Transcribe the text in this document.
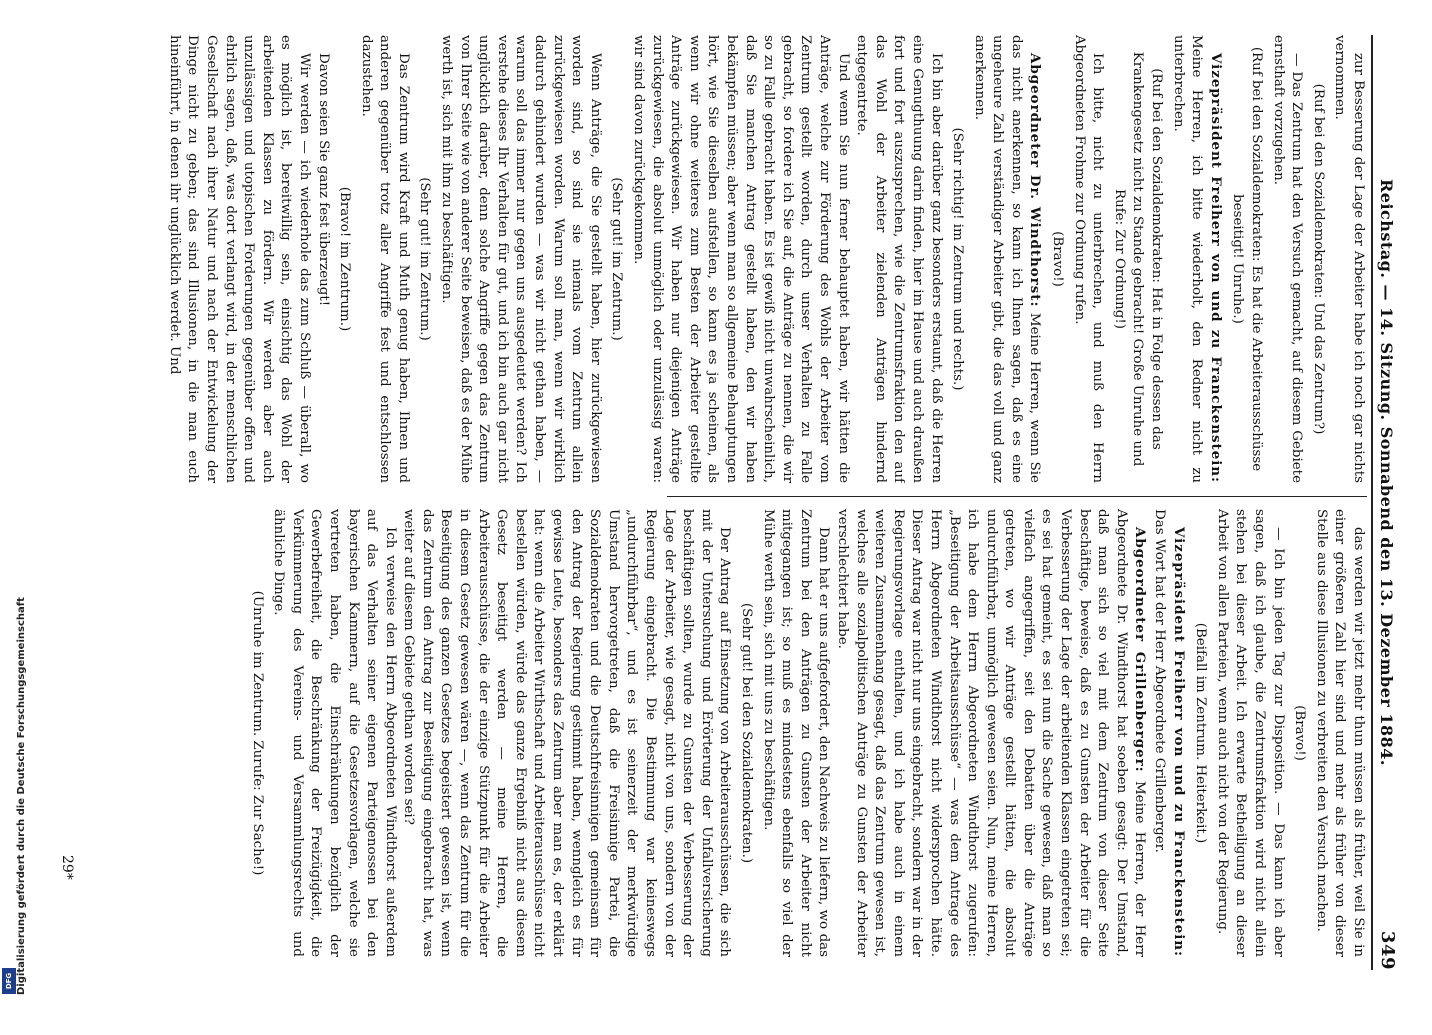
Reichstag. — 14. Sitzung. Sonnabend den 13. Dezember 1884.
349

zur Besserung der Lage der Arbeiter habe ich noch gar nichts vernommen.

(Ruf bei den Sozialdemokraten: Und das Zentrum?)

— Das Zentrum hat den Versuch gemacht, auf diesem Gebiete ernsthaft vorzugehen.

(Ruf bei den Sozialdemokraten: Es hat die Arbeiterausschüsse beseitigt! Unruhe.)

Vizepräsident Freiherr von und zu Franckenstein: Meine Herren, ich bitte wiederholt, den Redner nicht zu unterbrechen.

(Ruf bei den Sozialdemokraten: Hat in Folge dessen das Krankengesetz nicht zu Stande gebracht! Große Unruhe und Rufe: Zur Ordnung!)

Ich bitte, nicht zu unterbrechen, und muß den Herrn Abgeordneten Frohme zur Ordnung rufen.

(Bravo!)

Abgeordneter Dr. Windthorst: Meine Herren, wenn Sie das nicht anerkennen, so kann ich Ihnen sagen, daß es eine ungeheure Zahl verständiger Arbeiter gibt, die das voll und ganz anerkennen.

(Sehr richtig! im Zentrum und rechts.)

Ich bin aber darüber ganz besonders erstaunt, daß die Herren eine Genugthuung darin finden, hier im Hause und auch draußen fort und fort auszusprechen, wie die Zentrumsfraktion den auf das Wohl der Arbeiter zielenden Anträgen hindernd entgegentrete.

Und wenn Sie nun ferner behauptet haben, wir hätten die Anträge, welche zur Förderung des Wohls der Arbeiter vom Zentrum gestellt worden, durch unser Verhalten zu Falle gebracht, so fordere ich Sie auf, die Anträge zu nennen, die wir so zu Falle gebracht haben. Es ist gewiß nicht unwahrscheinlich, daß Sie manchen Antrag gestellt haben, den wir haben bekämpfen müssen; aber wenn man so allgemeine Behauptungen hört, wie Sie dieselben aufstellen, so kann es ja scheinen, als wenn wir ohne weiteres zum Besten der Arbeiter gestellte Anträge zurückgewiesen. Wir haben nur diejenigen Anträge zurückgewiesen, die absolut unmöglich oder unzulässig waren: wir sind davon zurückgekommen.

(Sehr gut! im Zentrum.)

Wenn Anträge, die Sie gestellt haben, hier zurückgewiesen worden sind, so sind sie niemals vom Zentrum allein zurückgewiesen worden. Warum soll man, wenn wir wirklich dadurch gehindert wurden — was wir nicht gethan haben, — warum soll das immer nur gegen uns ausgedeutet werden? Ich verstehe dieses Ihr Verhalten für gut, und ich bin auch gar nicht unglücklich darüber, denn solche Angriffe gegen das Zentrum von Ihrer Seite wie von anderer Seite beweisen, daß es der Mühe werth ist, sich mit ihm zu beschäftigen.

(Sehr gut! im Zentrum.)

Das Zentrum wird Kraft und Muth genug haben, Ihnen und anderen gegenüber trotz aller Angriffe fest und entschlossen dazustehen.

(Bravo! im Zentrum.)

Davon seien Sie ganz fest überzeugt!

Wir werden — ich wiederhole das zum Schluß — überall, wo es möglich ist, bereitwillig sein, einsichtig das Wohl der arbeitenden Klassen zu fördern. Wir werden aber auch unzulässigen und utopischen Forderungen gegenüber offen und ehrlich sagen, daß, was dort verlangt wird, in der menschlichen Gesellschaft nach ihrer Natur und nach der Entwickelung der Dinge nicht zu geben; das sind Illusionen, in die man euch hineinführt, in denen ihr unglücklich werdet. Und

das werden wir jetzt mehr thun müssen als früher, weil Sie in einer größeren Zahl hier sind und mehr als früher von dieser Stelle aus diese Illusionen zu verbreiten den Versuch machen.

(Bravo!)

— Ich bin jeden Tag zur Disposition. — Das kann ich aber sagen, daß ich glaube, die Zentrumsfraktion wird nicht allein stehen bei dieser Arbeit. Ich erwarte Betheiligung an dieser Arbeit von allen Parteien, wenn auch nicht von der Regierung.

(Beifall im Zentrum. Heiterkeit.)

Vizepräsident Freiherr von und zu Franckenstein: Das Wort hat der Herr Abgeordnete Grillenberger.

Abgeordneter Grillenberger: Meine Herren, der Herr Abgeordnete Dr. Windthorst hat soeben gesagt: Der Umstand, daß man sich so viel mit dem Zentrum von dieser Seite beschäftige, beweise, daß es zu Gunsten der Arbeiter für die Verbesserung der Lage der arbeitenden Klassen eingetreten sei; es sei hat gemeint, es sei nun die Sache gewesen, daß man so vielfach angegriffen, seit den Debatten über die Anträge getreten, wo wir Anträge gestellt hätten, die absolut undurchführbar, unmöglich gewesen seien. Nun, meine Herren, ich habe dem Herrn Abgeordneten Windthorst zugerufen: „Beseitigung der Arbeitsausschüsse“ — was dem Antrage des Herrn Abgeordneten Windthorst nicht widersprochen hätte. Dieser Antrag war nicht nur uns eingebracht, sondern war in der Regierungsvorlage enthalten, und ich habe auch in einem weiteren Zusammenhang gesagt, daß das Zentrum gewesen ist, welches alle sozialpolitischen Anträge zu Gunsten der Arbeiter verschlechtert habe.

Dann hat er uns aufgefordert, den Nachweis zu liefern, wo das Zentrum bei den Anträgen zu Gunsten der Arbeiter nicht mitgegangen ist; so muß es mindestens ebenfalls so viel der Mühe werth sein, sich mit uns zu beschäftigen.

(Sehr gut! bei den Sozialdemokraten.)

Der Antrag auf Einsetzung von Arbeiterausschüssen, die sich mit der Untersuchung und Erörterung der Unfallversicherung beschäftigen sollten, wurde zu Gunsten der Verbesserung der Lage der Arbeiter, wie gesagt, nicht von uns, sondern von der Regierung eingebracht. Die Bestimmung war keineswegs „undurchführbar“, und es ist seinerzeit der merkwürdige Umstand hervorgetreten, daß die Freisinnige Partei, die Sozialdemokraten und die Deutschfreisinnigen gemeinsam für den Antrag der Regierung gestimmt haben, wenngleich es für gewisse Leute, besonders das Zentrum aber man es, der erklärt hat: wenn die Arbeiter Wirthschaft und Arbeiterausschüsse nicht bestellen würden, würde das ganze Ergebniß nicht aus diesem Gesetz beseitigt werden — meine Herren, die Arbeiterausschüsse, die der einzige Stützpunkt für die Arbeiter in diesem Gesetz gewesen wären —, wenn das Zentrum für die Beseitigung des ganzen Gesetzes begeistert gewesen ist, wenn das Zentrum den Antrag zur Beseitigung eingebracht hat, was weiter auf diesem Gebiete gethan worden sei?

Ich verweise den Herrn Abgeordneten Windthorst außerdem auf das Verhalten seiner eigenen Parteigenossen bei den bayerischen Kammern, auf die Gesetzesvorlagen, welche sie vertreten haben, die Einschränkungen bezüglich der Gewerbefreiheit, die Beschränkung der Freizügigkeit, die Verkümmerung des Vereins- und Versammlungsrechts und ähnliche Dinge.

(Unruhe im Zentrum. Zurufe: Zur Sache!)

29*
Digitalisierung gefördert durch die Deutsche Forschungsgemeinschaft
DFG
